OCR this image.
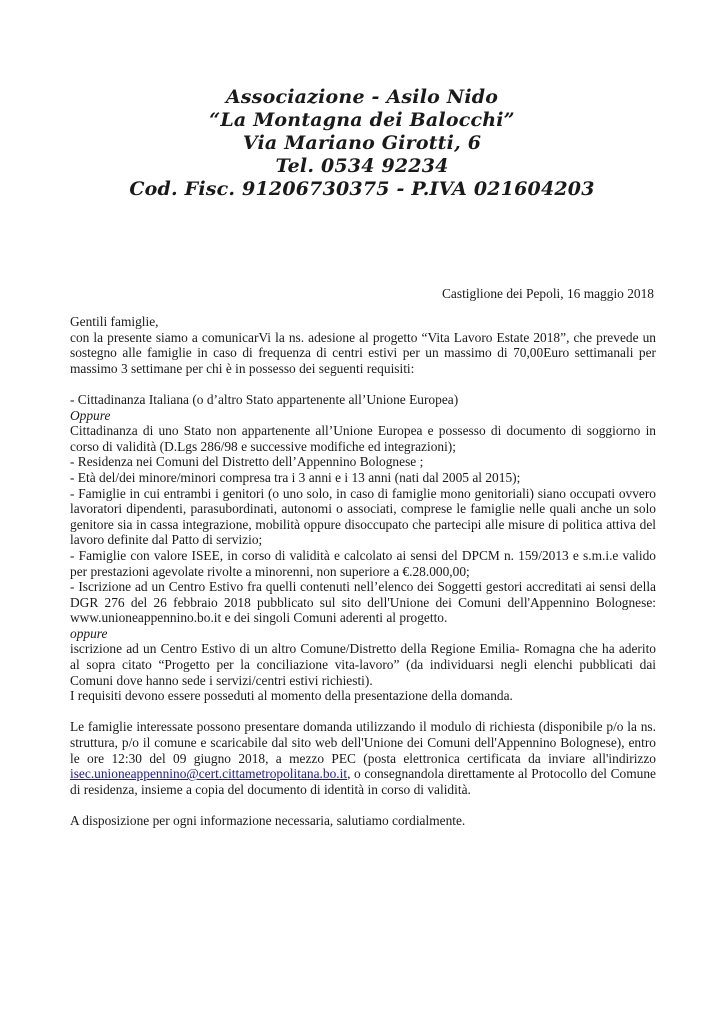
Associazione - Asilo Nido
“La Montagna dei Balocchi”
Via Mariano Girotti, 6
Tel. 0534 92234
Cod. Fisc. 91206730375 - P.IVA 021604203
Castiglione dei Pepoli, 16 maggio 2018

Gentili famiglie,

con la presente siamo a comunicarVi la ns. adesione al progetto “Vita Lavoro Estate 2018”, che prevede un sostegno alle famiglie in caso di frequenza di centri estivi per un massimo di 70,00Euro settimanali per massimo 3 settimane per chi è in possesso dei seguenti requisiti:

- Cittadinanza Italiana (o d’altro Stato appartenente all’Unione Europea)

Oppure

Cittadinanza di uno Stato non appartenente all’Unione Europea e possesso di documento di soggiorno in corso di validità (D.Lgs 286/98 e successive modifiche ed integrazioni);

- Residenza nei Comuni del Distretto dell’Appennino Bolognese ;

- Età del/dei minore/minori compresa tra i 3 anni e i 13 anni (nati dal 2005 al 2015);

- Famiglie in cui entrambi i genitori (o uno solo, in caso di famiglie mono genitoriali) siano occupati ovvero lavoratori dipendenti, parasubordinati, autonomi o associati, comprese le famiglie nelle quali anche un solo genitore sia in cassa integrazione, mobilità oppure disoccupato che partecipi alle misure di politica attiva del lavoro definite dal Patto di servizio;

- Famiglie con valore ISEE, in corso di validità e calcolato ai sensi del DPCM n. 159/2013 e s.m.i.e valido per prestazioni agevolate rivolte a minorenni, non superiore a €.28.000,00;

- Iscrizione ad un Centro Estivo fra quelli contenuti nell’elenco dei Soggetti gestori accreditati ai sensi della DGR 276 del 26 febbraio 2018 pubblicato sul sito dell'Unione dei Comuni dell'Appennino Bolognese: www.unioneappennino.bo.it e dei singoli Comuni aderenti al progetto.

oppure

iscrizione ad un Centro Estivo di un altro Comune/Distretto della Regione Emilia- Romagna che ha aderito al sopra citato “Progetto per la conciliazione vita-lavoro” (da individuarsi negli elenchi pubblicati dai Comuni dove hanno sede i servizi/centri estivi richiesti).

I requisiti devono essere posseduti al momento della presentazione della domanda.

Le famiglie interessate possono presentare domanda utilizzando il modulo di richiesta (disponibile p/o la ns. struttura, p/o il comune e scaricabile dal sito web dell'Unione dei Comuni dell'Appennino Bolognese), entro le ore 12:30 del 09 giugno 2018, a mezzo PEC (posta elettronica certificata da inviare all'indirizzo isec.unioneappennino@cert.cittametropolitana.bo.it, o consegnandola direttamente al Protocollo del Comune di residenza, insieme a copia del documento di identità in corso di validità.

A disposizione per ogni informazione necessaria, salutiamo cordialmente.
